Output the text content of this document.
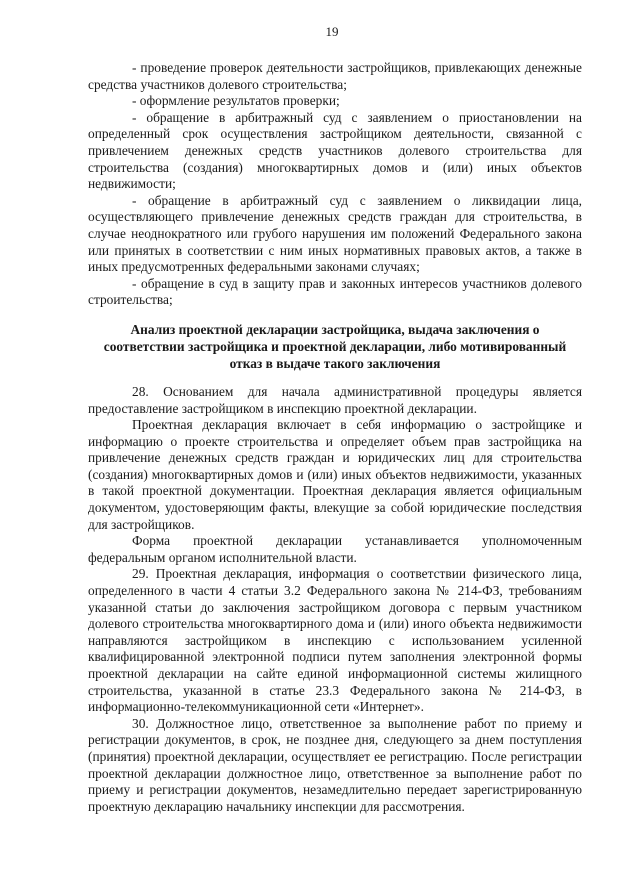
19

- проведение проверок деятельности застройщиков, привлекающих денежные средства участников долевого строительства;

- оформление результатов проверки;

- обращение в арбитражный суд с заявлением о приостановлении на определенный срок осуществления застройщиком деятельности, связанной с привлечением денежных средств участников долевого строительства для строительства (создания) многоквартирных домов и (или) иных объектов недвижимости;

- обращение в арбитражный суд с заявлением о ликвидации лица, осуществляющего привлечение денежных средств граждан для строительства, в случае неоднократного или грубого нарушения им положений Федерального закона или принятых в соответствии с ним иных нормативных правовых актов, а также в иных предусмотренных федеральными законами случаях;

- обращение в суд в защиту прав и законных интересов участников долевого строительства;

Анализ проектной декларации застройщика, выдача заключения о соответствии застройщика и проектной декларации, либо мотивированный отказ в выдаче такого заключения

28. Основанием для начала административной процедуры является предоставление застройщиком в инспекцию проектной декларации.

Проектная декларация включает в себя информацию о застройщике и информацию о проекте строительства и определяет объем прав застройщика на привлечение денежных средств граждан и юридических лиц для строительства (создания) многоквартирных домов и (или) иных объектов недвижимости, указанных в такой проектной документации. Проектная декларация является официальным документом, удостоверяющим факты, влекущие за собой юридические последствия для застройщиков.

Форма проектной декларации устанавливается уполномоченным федеральным органом исполнительной власти.

29. Проектная декларация, информация о соответствии физического лица, определенного в части 4 статьи 3.2 Федерального закона № 214-ФЗ, требованиям указанной статьи до заключения застройщиком договора с первым участником долевого строительства многоквартирного дома и (или) иного объекта недвижимости направляются застройщиком в инспекцию с использованием усиленной квалифицированной электронной подписи путем заполнения электронной формы проектной декларации на сайте единой информационной системы жилищного строительства, указанной в статье 23.3 Федерального закона № 214-ФЗ, в информационно-телекоммуникационной сети «Интернет».

30. Должностное лицо, ответственное за выполнение работ по приему и регистрации документов, в срок, не позднее дня, следующего за днем поступления (принятия) проектной декларации, осуществляет ее регистрацию. После регистрации проектной декларации должностное лицо, ответственное за выполнение работ по приему и регистрации документов, незамедлительно передает зарегистрированную проектную декларацию начальнику инспекции для рассмотрения.
